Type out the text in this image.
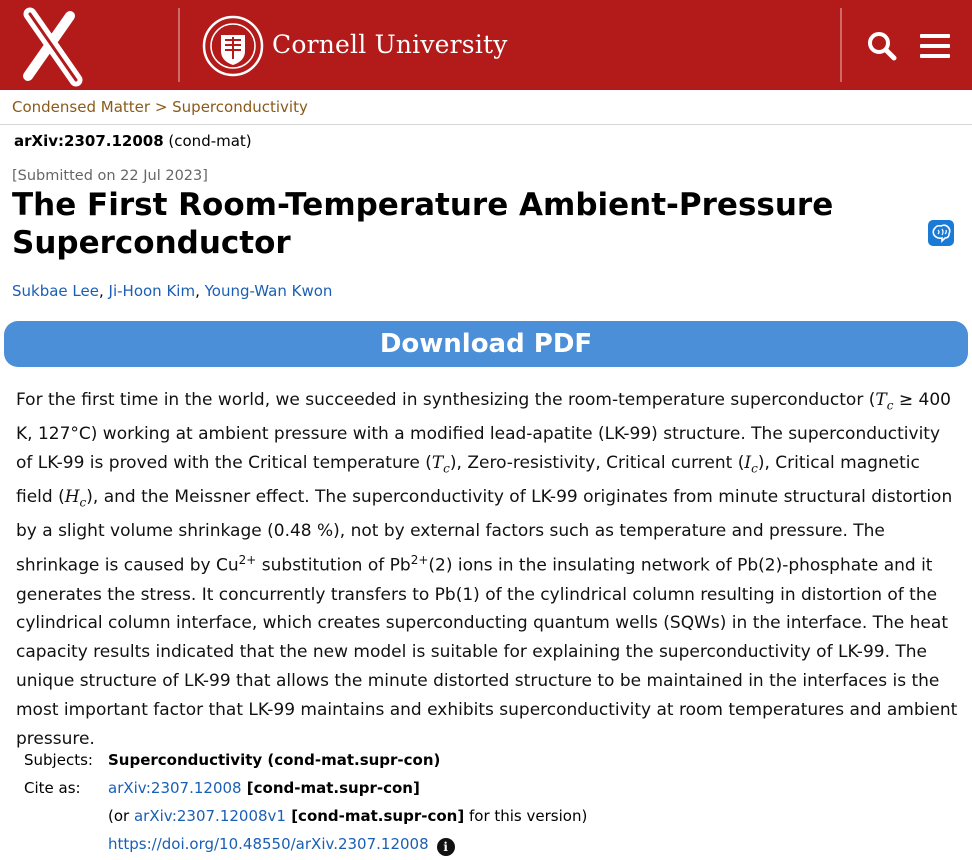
Cornell University
Condensed Matter > Superconductivity
arXiv:2307.12008 (cond-mat)
[Submitted on 22 Jul 2023]
The First Room-Temperature Ambient-Pressure Superconductor
Sukbae Lee, Ji-Hoon Kim, Young-Wan Kwon
Download PDF
For the first time in the world, we succeeded in synthesizing the room-temperature superconductor ($T_c \ge 400$ K, 127°C) working at ambient pressure with a modified lead-apatite (LK-99) structure. The superconductivity of LK-99 is proved with the Critical temperature $(T_c)$, Zero-resistivity, Critical current $(I_c)$, Critical magnetic field $(H_c)$, and the Meissner effect. The superconductivity of LK-99 originates from minute structural distortion by a slight volume shrinkage (0.48 %), not by external factors such as temperature and pressure. The shrinkage is caused by $Cu^{2+}$ substitution of $Pb^{2+}(2)$ ions in the insulating network of Pb(2)-phosphate and it generates the stress. It concurrently transfers to Pb(1) of the cylindrical column resulting in distortion of the cylindrical column interface, which creates superconducting quantum wells (SQWs) in the interface. The heat capacity results indicated that the new model is suitable for explaining the superconductivity of LK-99. The unique structure of LK-99 that allows the minute distorted structure to be maintained in the interfaces is the most important factor that LK-99 maintains and exhibits superconductivity at room temperatures and ambient pressure.
Subjects:	Superconductivity (cond-mat.supr-con)
Cite as:	arXiv:2307.12008 [cond-mat.supr-con]
(or arXiv:2307.12008v1 [cond-mat.supr-con] for this version)
https://doi.org/10.48550/arXiv.2307.12008 i
